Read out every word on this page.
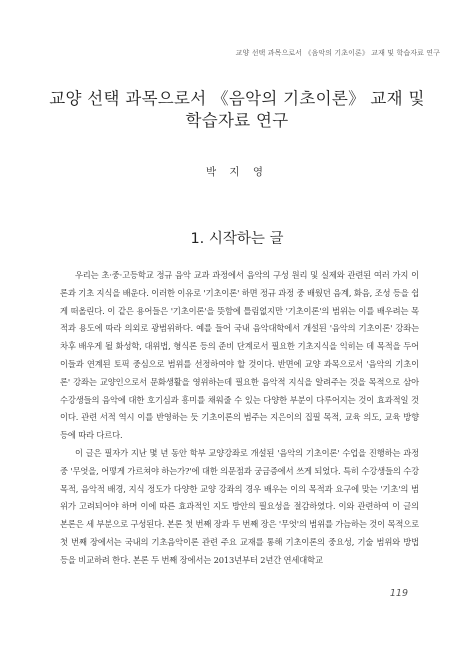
교양 선택 과목으로서 《음악의 기초이론》 교재 및 학습자료 연구
교양 선택 과목으로서 《음악의 기초이론》 교재 및
학습자료 연구
박 지 영
1. 시작하는 글

우리는 초·중·고등학교 정규 음악 교과 과정에서 음악의 구성 원리 및 실제와 관련된 여러 가지 이론과 기초 지식을 배운다. 이러한 이유로 '기초이론' 하면 정규 과정 중 배웠던 음계, 화음, 조성 등을 쉽게 떠올린다. 이 같은 용어들은 '기초이론'을 뜻함에 틀림없지만 '기초이론'의 범위는 이를 배우려는 목적과 용도에 따라 의외로 광범위하다. 예를 들어 국내 음악대학에서 개설된 '음악의 기초이론' 강좌는 차후 배우게 될 화성학, 대위법, 형식론 등의 준비 단계로서 필요한 기초지식을 익히는 데 목적을 두어 이들과 연계된 토픽 중심으로 범위를 선정하여야 할 것이다. 반면에 교양 과목으로서 '음악의 기초이론' 강좌는 교양인으로서 문화생활을 영위하는데 필요한 음악적 지식을 알려주는 것을 목적으로 삼아 수강생들의 음악에 대한 호기심과 흥미를 채워줄 수 있는 다양한 부분이 다루어지는 것이 효과적일 것이다. 관련 서적 역시 이를 반영하는 듯 기초이론의 범주는 지은이의 집필 목적, 교육 의도, 교육 방향 등에 따라 다르다.

이 글은 필자가 지난 몇 년 동안 학부 교양강좌로 개설된 '음악의 기초이론' 수업을 진행하는 과정 중 '무엇을, 어떻게 가르쳐야 하는가?'에 대한 의문점과 궁금증에서 쓰게 되었다. 특히 수강생들의 수강목적, 음악적 배경, 지식 정도가 다양한 교양 강좌의 경우 배우는 이의 목적과 요구에 맞는 '기초'의 범위가 고려되어야 하며 이에 따른 효과적인 지도 방안의 필요성을 절감하였다. 이와 관련하여 이 글의 본론은 세 부분으로 구성된다. 본론 첫 번째 장과 두 번째 장은 '무엇'의 범위를 가늠하는 것이 목적으로 첫 번째 장에서는 국내의 기초음악이론 관련 주요 교재를 통해 기초이론의 중요성, 기술 범위와 방법 등을 비교하려 한다. 본론 두 번째 장에서는 2013년부터 2년간 연세대학교

119
